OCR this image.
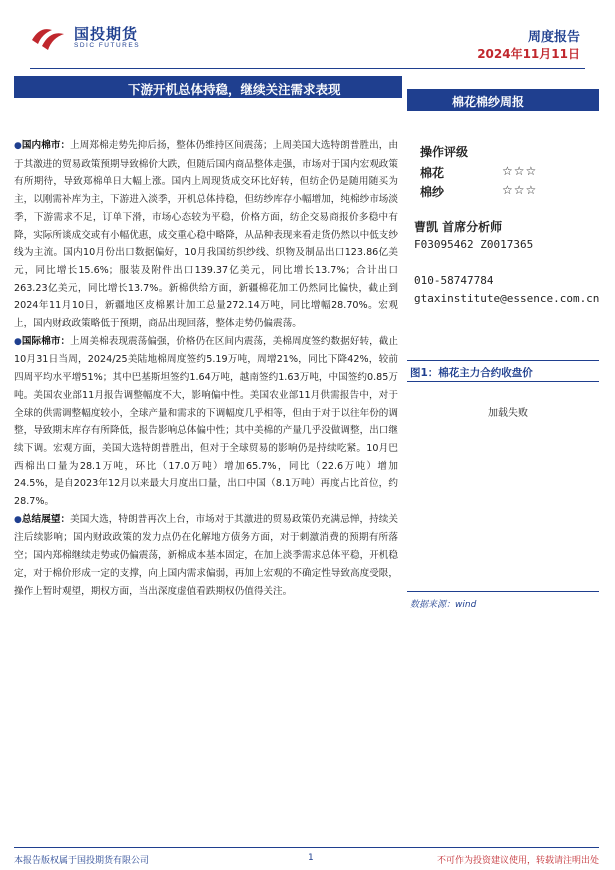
国投期货
SDIC FUTURES
周度报告
2024年11月11日
下游开机总体持稳，继续关注需求表现
棉花棉纱周报

●国内棉市：上周郑棉走势先抑后扬，整体仍维持区间震荡；上周美国大选特朗普胜出，由于其激进的贸易政策预期导致棉价大跌，但随后国内商品整体走强，市场对于国内宏观政策有所期待，导致郑棉单日大幅上涨。国内上周现货成交环比好转，但纺企仍是随用随买为主，以刚需补库为主，下游进入淡季，开机总体持稳，但纺纱库存小幅增加，纯棉纱市场淡季，下游需求不足，订单下滑，市场心态较为平稳，价格方面，纺企交易商报价多稳中有降，实际所谈成交或有小幅优惠，成交重心稳中略降，从品种表现来看走货仍然以中低支纱线为主流。国内10月份出口数据偏好，10月我国纺织纱线、织物及制品出口123.86亿美元，同比增长15.6%；服装及附件出口139.37亿美元，同比增长13.7%；合计出口263.23亿美元，同比增长13.7%。新棉供给方面，新疆棉花加工仍然同比偏快，截止到2024年11月10日，新疆地区皮棉累计加工总量272.14万吨，同比增幅28.70%。宏观上，国内财政政策略低于预期，商品出现回落，整体走势仍偏震荡。

●国际棉市：上周美棉表现震荡偏强，价格仍在区间内震荡，美棉周度签约数据好转，截止10月31日当周，2024/25美陆地棉周度签约5.19万吨，周增21%，同比下降42%，较前四周平均水平增51%；其中巴基斯坦签约1.64万吨，越南签约1.63万吨，中国签约0.85万吨。美国农业部11月报告调整幅度不大，影响偏中性。美国农业部11月供需报告中，对于全球的供需调整幅度较小，全球产量和需求的下调幅度几乎相等，但由于对于以往年份的调整，导致期末库存有所降低，报告影响总体偏中性；其中美棉的产量几乎没做调整，出口继续下调。宏观方面，美国大选特朗普胜出，但对于全球贸易的影响仍是持续吃紧。10月巴西棉出口量为28.1万吨，环比（17.0万吨）增加65.7%，同比（22.6万吨）增加24.5%，是自2023年12月以来最大月度出口量，出口中国（8.1万吨）再度占比首位，约28.7%。

●总结展望：美国大选，特朗普再次上台，市场对于其激进的贸易政策仍充满忌惮，持续关注后续影响；国内财政政策的发力点仍在化解地方债务方面，对于刺激消费的预期有所落空；国内郑棉继续走势或仍偏震荡，新棉成本基本固定，在加上淡季需求总体平稳，开机稳定，对于棉价形成一定的支撑，向上国内需求偏弱，再加上宏观的不确定性导致高度受限，操作上暂时观望，期权方面，当出深度虚值看跌期权仍值得关注。

操作评级
棉花	☆☆☆
棉纱	☆☆☆
曹凯 首席分析师
F03095462 Z0017365
010-58747784
gtaxinstitute@essence.com.cn
图1：棉花主力合约收盘价
加载失败
数据来源：wind
本报告版权属于国投期货有限公司	1	不可作为投资建议使用，转载请注明出处
